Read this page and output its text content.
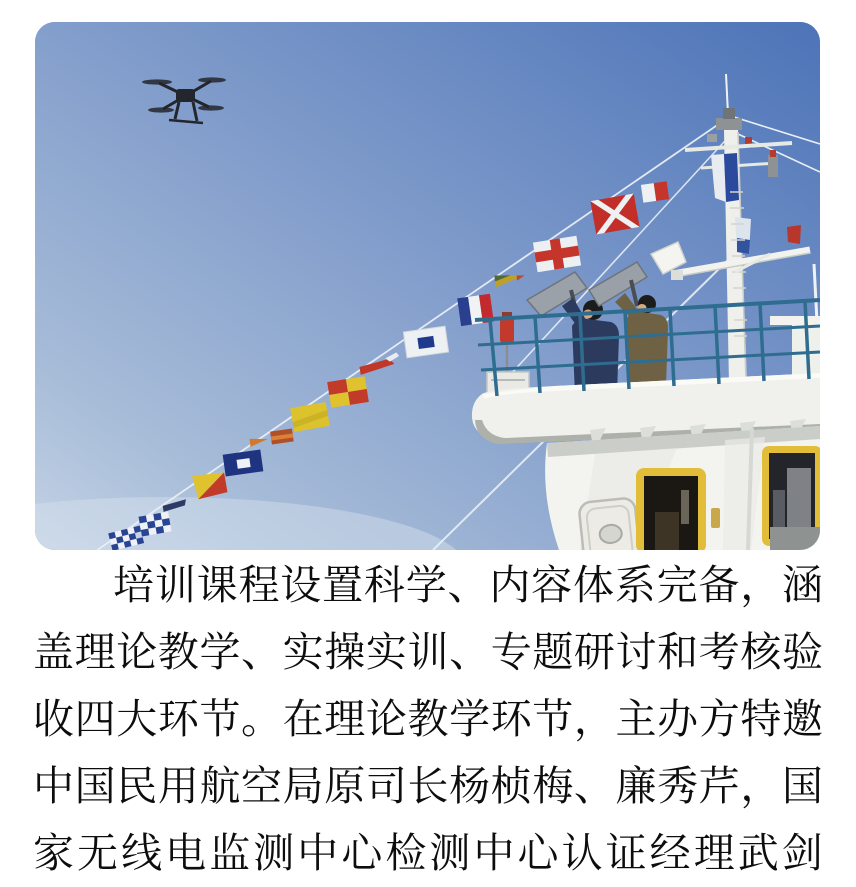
培 训 课 程 设 置 科 学 、 内 容 体 系 完 备 ， 涵
盖 理 论 教 学 、 实 操 实 训 、 专 题 研 讨 和 考 核 验
收 四 大 环 节 。 在 理 论 教 学 环 节 ， 主 办 方 特 邀
中 国 民 用 航 空 局 原 司 长 杨 桢 梅 、 廉 秀 芹 ， 国
家 无 线 电 监 测 中 心 检 测 中 心 认 证 经 理 武 剑
